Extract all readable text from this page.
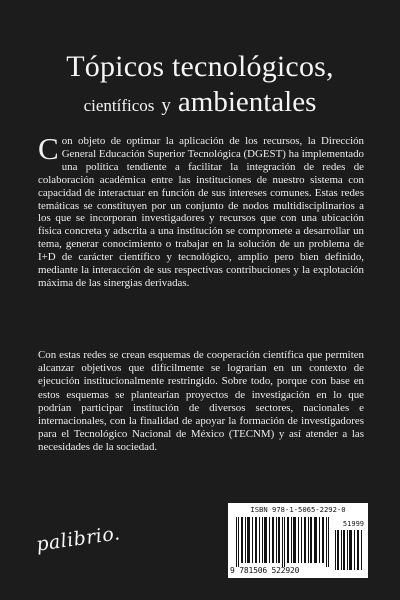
Tópicos tecnológicos,
científicos y ambientales
C on objeto de optimar la aplicación de los recursos, la Dirección General Educación Superior Tecnológica (DGEST) ha implementado una política tendiente a facilitar la integración de redes de colaboración académica entre las instituciones de nuestro sistema con capacidad de interactuar en función de sus intereses comunes. Estas redes temáticas se constituyen por un conjunto de nodos multidisciplinarios a los que se incorporan investigadores y recursos que con una ubicación física concreta y adscrita a una institución se compromete a desarrollar un tema, generar conocimiento o trabajar en la solución de un problema de I+D de carácter científico y tecnológico, amplio pero bien definido, mediante la interacción de sus respectivas contribuciones y la explotación máxima de las sinergias derivadas.
Con estas redes se crean esquemas de cooperación científica que permiten alcanzar objetivos que difícilmente se lograrían en un contexto de ejecución institucionalmente restringido. Sobre todo, porque con base en estos esquemas se plantearían proyectos de investigación en lo que podrían participar institución de diversos sectores, nacionales e internacionales, con la finalidad de apoyar la formación de investigadores para el Tecnológico Nacional de México (TECNM) y así atender a las necesidades de la sociedad.
palibrio.
ISBN 978-1-5065-2292-0
51999
9 781506 522920
